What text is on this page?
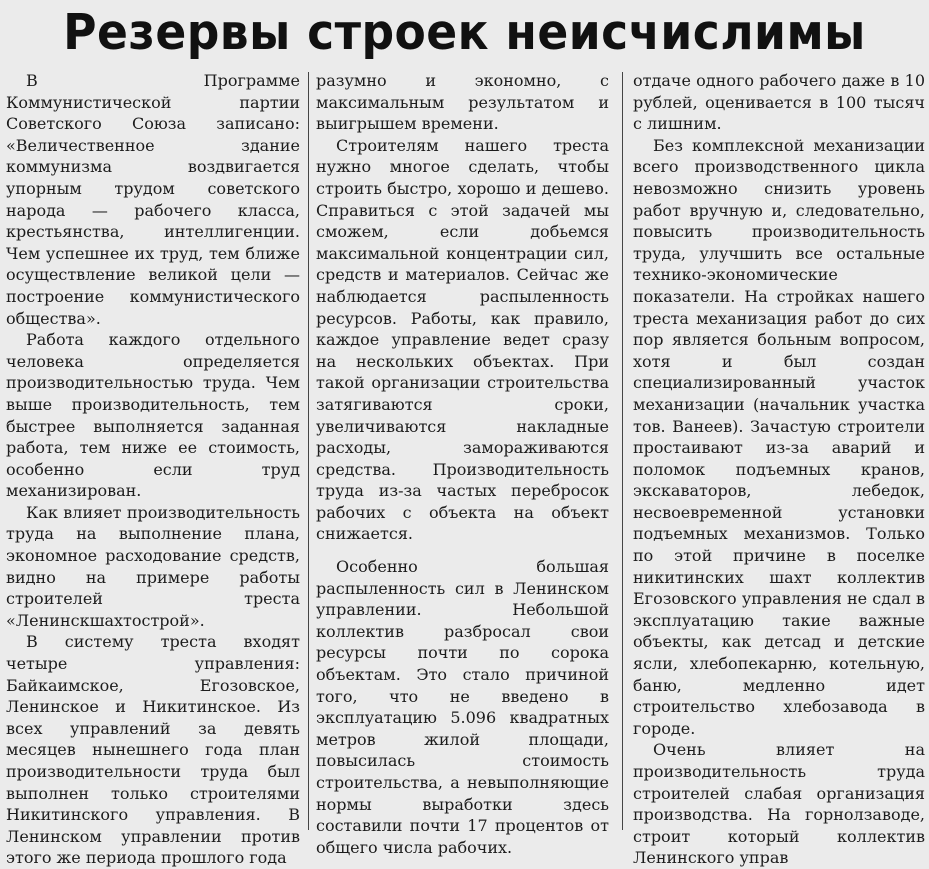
Резервы строек неисчислимы

В Программе Коммунистической партии Советского Союза записано: «Величественное здание коммунизма воздвигается упорным трудом советского народа — рабочего класса, крестьянства, интеллигенции. Чем успешнее их труд, тем ближе осуществление великой цели — построение коммунистического общества».

Работа каждого отдельного человека определяется производительностью труда. Чем выше производительность, тем быстрее выполняется заданная работа, тем ниже ее стоимость, особенно если труд механизирован.

Как влияет производительность труда на выполнение плана, экономное расходование средств, видно на примере работы строителей треста «Ленинскшахтострой».

В систему треста входят четыре управления: Байкаимское, Егозовское, Ленинское и Никитинское. Из всех управлений за девять месяцев нынешнего года план производительности труда был выполнен только строителями Никитинского управления. В Ленинском управлении против этого же периода прошлого года

разумно и экономно, с максимальным результатом и выигрышем времени.

Строителям нашего треста нужно многое сделать, чтобы строить быстро, хорошо и дешево. Справиться с этой задачей мы сможем, если добьемся максимальной концентрации сил, средств и материалов. Сейчас же наблюдается распыленность ресурсов. Работы, как правило, каждое управление ведет сразу на нескольких объектах. При такой организации строительства затягиваются сроки, увеличиваются накладные расходы, замораживаются средства. Производительность труда из-за частых перебросок рабочих с объекта на объект снижается.

Особенно большая распыленность сил в Ленинском управлении. Небольшой коллектив разбросал свои ресурсы почти по сорока объектам. Это стало причиной того, что не введено в эксплуатацию 5.096 квадратных метров жилой площади, повысилась стоимость строительства, а невыполняющие нормы выработки здесь составили почти 17 процентов от общего числа рабочих.

отдаче одного рабочего даже в 10 рублей, оценивается в 100 тысяч с лишним.

Без комплексной механизации всего производственного цикла невозможно снизить уровень работ вручную и, следовательно, повысить производительность труда, улучшить все остальные технико-экономические показатели. На стройках нашего треста механизация работ до сих пор является больным вопросом, хотя и был создан специализированный участок механизации (начальник участка тов. Ванеев). Зачастую строители простаивают из-за аварий и поломок подъемных кранов, экскаваторов, лебедок, несвоевременной установки подъемных механизмов. Только по этой причине в поселке никитинских шахт коллектив Егозовского управления не сдал в эксплуатацию такие важные объекты, как детсад и детские ясли, хлебопекарню, котельную, баню, медленно идет строительство хлебозавода в городе.

Очень влияет на производительность труда строителей слабая организация производства. На горнолзаводе, строит который коллектив Ленинского управ
